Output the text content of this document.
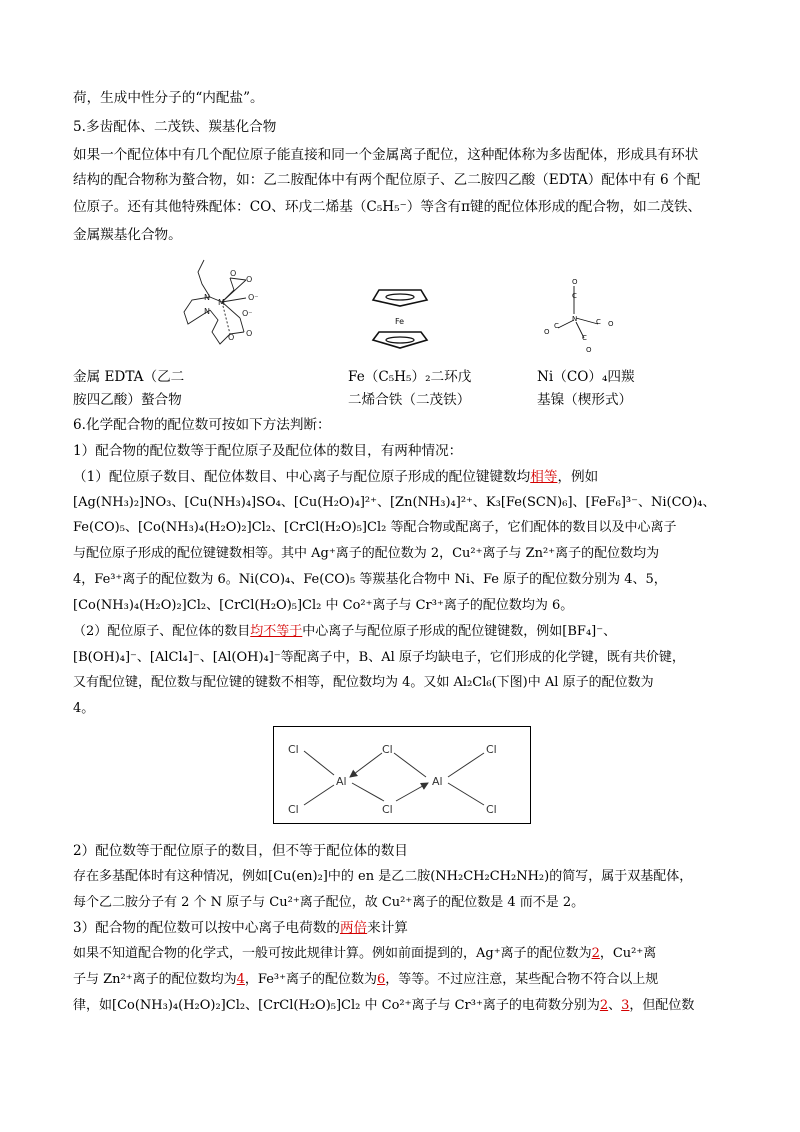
荷，生成中性分子的“内配盐”。
5.多齿配体、二茂铁、羰基化合物
如果一个配位体中有几个配位原子能直接和同一个金属离子配位，这种配体称为多齿配体，形成具有环状
结构的配合物称为螯合物，如：乙二胺配体中有两个配位原子、乙二胺四乙酸（EDTA）配体中有 6 个配
位原子。还有其他特殊配体：CO、环戊二烯基（C₅H₅⁻）等含有π键的配位体形成的配合物，如二茂铁、
金属羰基化合物。
O
O
O⁻
N
M
N	O⁻
O
O
Fe
O
C
N
C
O
C O
C
O
金属 EDTA（乙二
胺四乙酸）螯合物
Fe（C₅H₅）₂二环戊
二烯合铁（二茂铁）
Ni（CO）₄四羰
基镍（楔形式）
6.化学配合物的配位数可按如下方法判断：
1）配合物的配位数等于配位原子及配位体的数目，有两种情况：
（1）配位原子数目、配位体数目、中心离子与配位原子形成的配位键键数均相等，例如
[Ag(NH₃)₂]NO₃、[Cu(NH₃)₄]SO₄、[Cu(H₂O)₄]²⁺、[Zn(NH₃)₄]²⁺、K₃[Fe(SCN)₆]、[FeF₆]³⁻、Ni(CO)₄、
Fe(CO)₅、[Co(NH₃)₄(H₂O)₂]Cl₂、[CrCl(H₂O)₅]Cl₂ 等配合物或配离子，它们配体的数目以及中心离子
与配位原子形成的配位键键数相等。其中 Ag⁺离子的配位数为 2，Cu²⁺离子与 Zn²⁺离子的配位数均为
4，Fe³⁺离子的配位数为 6。Ni(CO)₄、Fe(CO)₅ 等羰基化合物中 Ni、Fe 原子的配位数分别为 4、5，
[Co(NH₃)₄(H₂O)₂]Cl₂、[CrCl(H₂O)₅]Cl₂ 中 Co²⁺离子与 Cr³⁺离子的配位数均为 6。
（2）配位原子、配位体的数目均不等于中心离子与配位原子形成的配位键键数，例如[BF₄]⁻、
[B(OH)₄]⁻、[AlCl₄]⁻、[Al(OH)₄]⁻等配离子中，B、Al 原子均缺电子，它们形成的化学键，既有共价键，
又有配位键，配位数与配位键的键数不相等，配位数均为 4。又如 Al₂Cl₆(下图)中 Al 原子的配位数为
4。
Cl
Cl
Al
Cl
Cl
Al
Cl
Cl
2）配位数等于配位原子的数目，但不等于配位体的数目
存在多基配体时有这种情况，例如[Cu(en)₂]中的 en 是乙二胺(NH₂CH₂CH₂NH₂)的简写，属于双基配体，
每个乙二胺分子有 2 个 N 原子与 Cu²⁺离子配位，故 Cu²⁺离子的配位数是 4 而不是 2。
3）配合物的配位数可以按中心离子电荷数的两倍来计算
如果不知道配合物的化学式，一般可按此规律计算。例如前面提到的，Ag⁺离子的配位数为2，Cu²⁺离
子与 Zn²⁺离子的配位数均为4，Fe³⁺离子的配位数为6，等等。不过应注意，某些配合物不符合以上规
律，如[Co(NH₃)₄(H₂O)₂]Cl₂、[CrCl(H₂O)₅]Cl₂ 中 Co²⁺离子与 Cr³⁺离子的电荷数分别为2、3，但配位数
